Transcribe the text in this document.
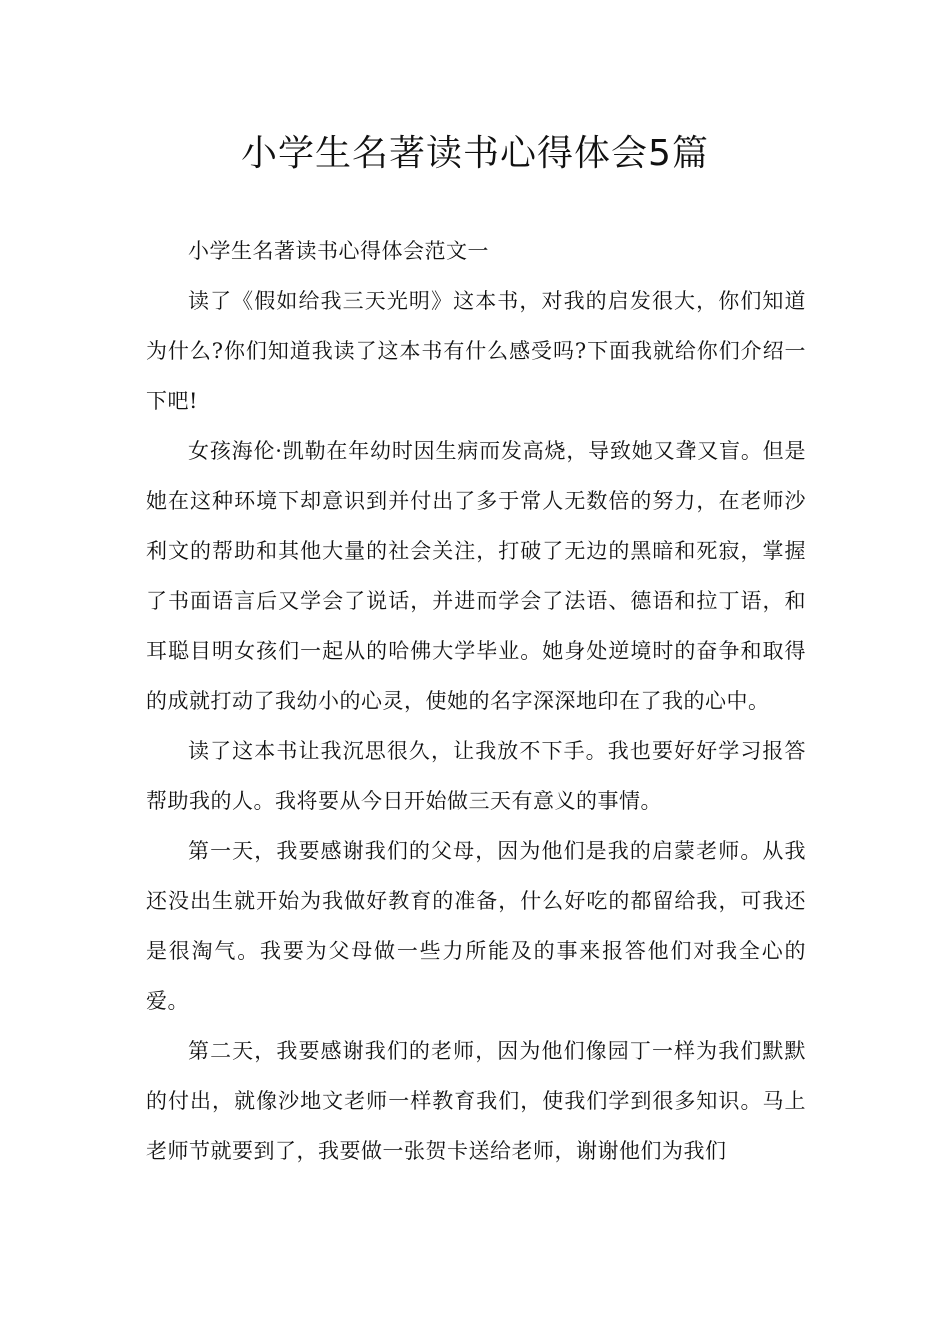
小学生名著读书心得体会5篇

小学生名著读书心得体会范文一

读了《假如给我三天光明》这本书，对我的启发很大，你们知道为什么?你们知道我读了这本书有什么感受吗?下面我就给你们介绍一下吧!

女孩海伦·凯勒在年幼时因生病而发高烧，导致她又聋又盲。但是她在这种环境下却意识到并付出了多于常人无数倍的努力，在老师沙利文的帮助和其他大量的社会关注，打破了无边的黑暗和死寂，掌握了书面语言后又学会了说话，并进而学会了法语、德语和拉丁语，和耳聪目明女孩们一起从的哈佛大学毕业。她身处逆境时的奋争和取得的成就打动了我幼小的心灵，使她的名字深深地印在了我的心中。

读了这本书让我沉思很久，让我放不下手。我也要好好学习报答帮助我的人。我将要从今日开始做三天有意义的事情。

第一天，我要感谢我们的父母，因为他们是我的启蒙老师。从我还没出生就开始为我做好教育的准备，什么好吃的都留给我，可我还是很淘气。我要为父母做一些力所能及的事来报答他们对我全心的爱。

第二天，我要感谢我们的老师，因为他们像园丁一样为我们默默的付出，就像沙地文老师一样教育我们，使我们学到很多知识。马上老师节就要到了，我要做一张贺卡送给老师，谢谢他们为我们
